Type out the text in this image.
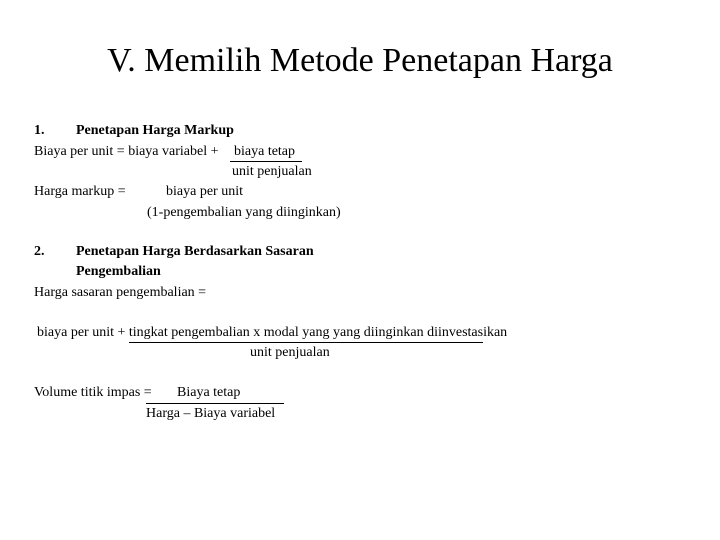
V. Memilih Metode Penetapan Harga
1. Penetapan Harga Markup
Biaya per unit = biaya variabel + biaya tetap
unit penjualan
Harga markup =	biaya per unit
(1-pengembalian yang diinginkan)
2. Penetapan Harga Berdasarkan Sasaran
Pengembalian
Harga sasaran pengembalian =
biaya per unit + tingkat pengembalian x modal yang yang diinginkan diinvestasikan
unit penjualan
Volume titik impas = Biaya tetap
Harga – Biaya variabel
